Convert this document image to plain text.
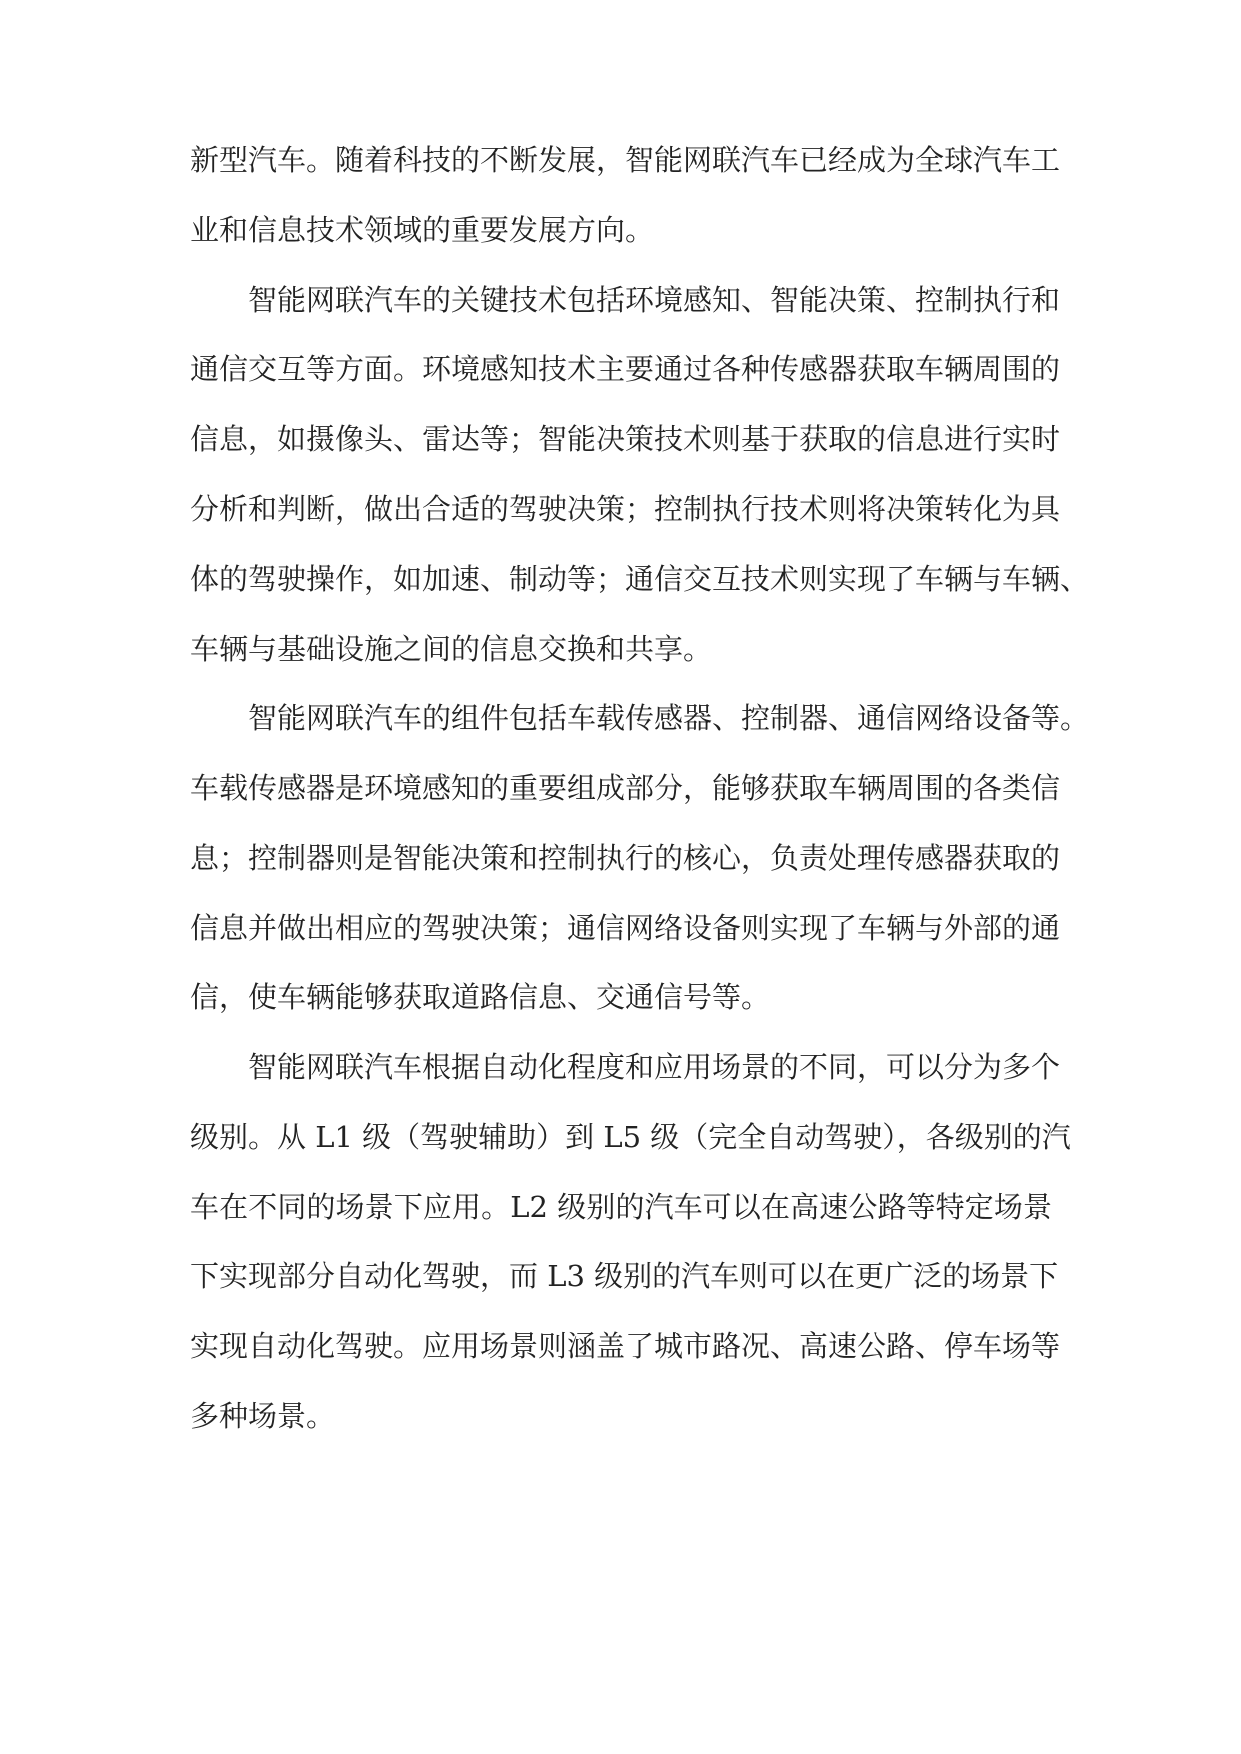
新型汽车。随着科技的不断发展，智能网联汽车已经成为全球汽车工
业和信息技术领域的重要发展方向。
智能网联汽车的关键技术包括环境感知、智能决策、控制执行和
通信交互等方面。环境感知技术主要通过各种传感器获取车辆周围的
信息，如摄像头、雷达等；智能决策技术则基于获取的信息进行实时
分析和判断，做出合适的驾驶决策；控制执行技术则将决策转化为具
体的驾驶操作，如加速、制动等；通信交互技术则实现了车辆与车辆、
车辆与基础设施之间的信息交换和共享。
智能网联汽车的组件包括车载传感器、控制器、通信网络设备等。
车载传感器是环境感知的重要组成部分，能够获取车辆周围的各类信
息；控制器则是智能决策和控制执行的核心，负责处理传感器获取的
信息并做出相应的驾驶决策；通信网络设备则实现了车辆与外部的通
信，使车辆能够获取道路信息、交通信号等。
智能网联汽车根据自动化程度和应用场景的不同，可以分为多个
级别。从 L1 级（驾驶辅助）到 L5 级（完全自动驾驶），各级别的汽
车在不同的场景下应用。L2 级别的汽车可以在高速公路等特定场景
下实现部分自动化驾驶，而 L3 级别的汽车则可以在更广泛的场景下
实现自动化驾驶。应用场景则涵盖了城市路况、高速公路、停车场等
多种场景。
